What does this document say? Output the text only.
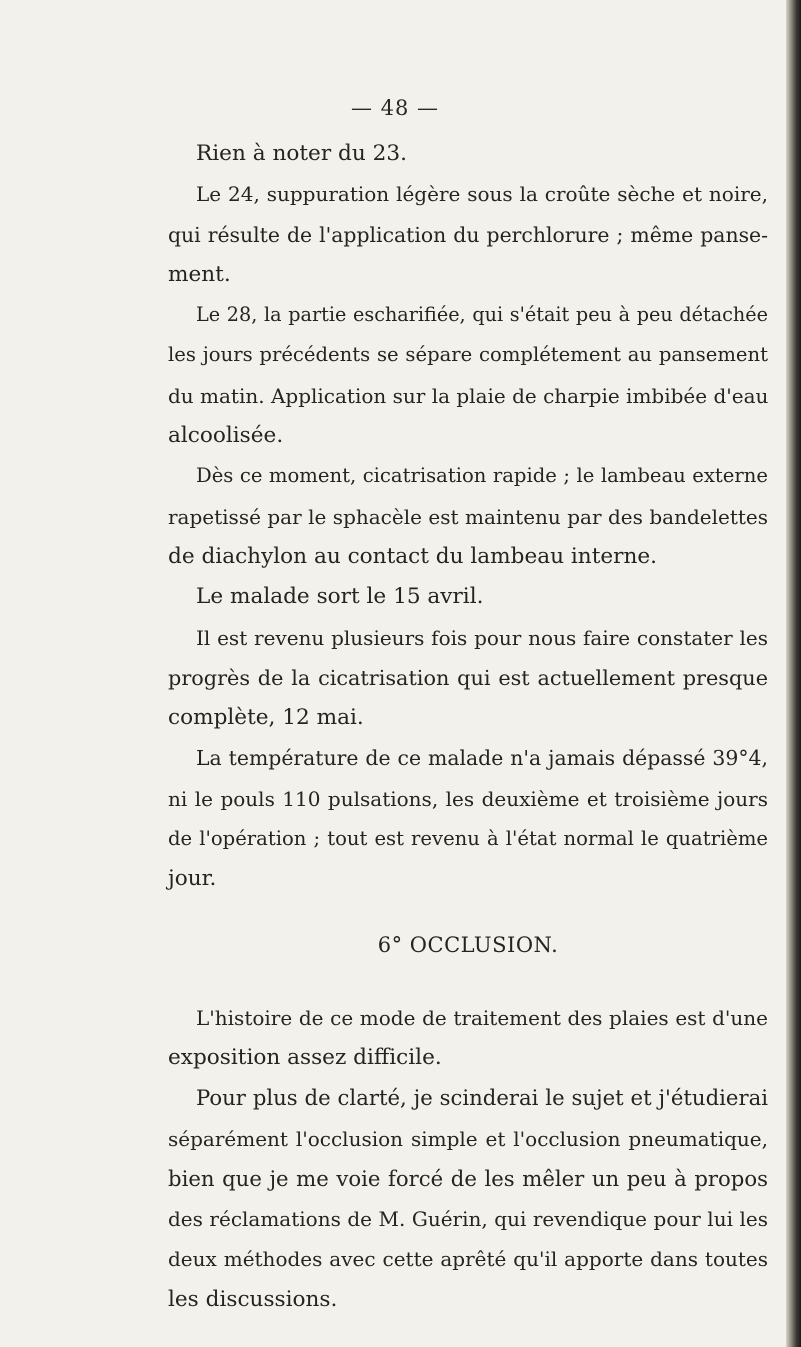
— 48 —
Rien à noter du 23.
Le 24, suppuration légère sous la croûte sèche et noire,
qui résulte de l'application du perchlorure ; même panse-
ment.
Le 28, la partie escharifiée, qui s'était peu à peu détachée
les jours précédents se sépare complétement au pansement
du matin. Application sur la plaie de charpie imbibée d'eau
alcoolisée.
Dès ce moment, cicatrisation rapide ; le lambeau externe
rapetissé par le sphacèle est maintenu par des bandelettes
de diachylon au contact du lambeau interne.
Le malade sort le 15 avril.
Il est revenu plusieurs fois pour nous faire constater les
progrès de la cicatrisation qui est actuellement presque
complète, 12 mai.
La température de ce malade n'a jamais dépassé 39°4,
ni le pouls 110 pulsations, les deuxième et troisième jours
de l'opération ; tout est revenu à l'état normal le quatrième
jour.
6° OCCLUSION.
L'histoire de ce mode de traitement des plaies est d'une
exposition assez difficile.
Pour plus de clarté, je scinderai le sujet et j'étudierai
séparément l'occlusion simple et l'occlusion pneumatique,
bien que je me voie forcé de les mêler un peu à propos
des réclamations de M. Guérin, qui revendique pour lui les
deux méthodes avec cette aprêté qu'il apporte dans toutes
les discussions.
